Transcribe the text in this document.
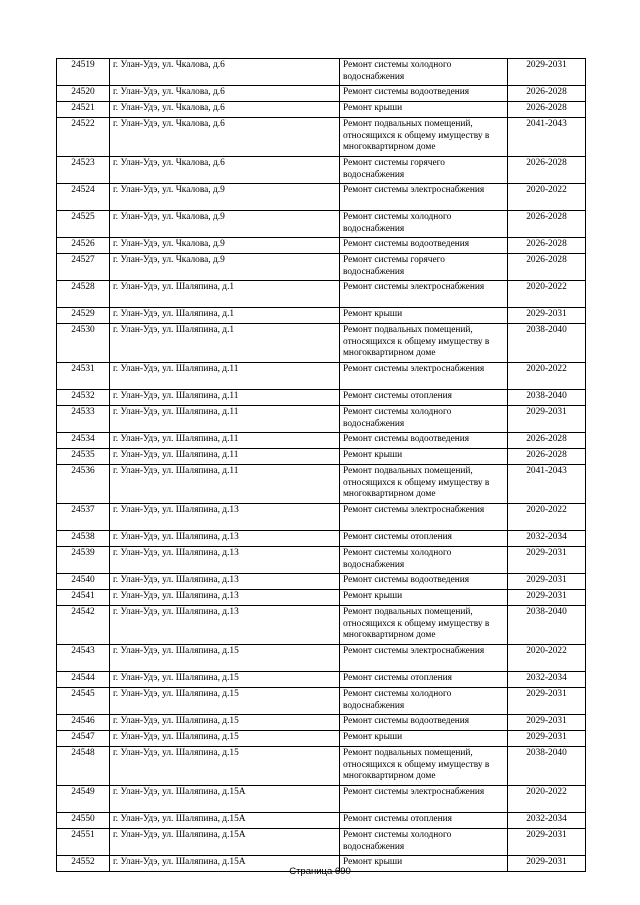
24519	г. Улан-Удэ, ул. Чкалова, д.6	Ремонт системы холодного водоснабжения	2029-2031
24520	г. Улан-Удэ, ул. Чкалова, д.6	Ремонт системы водоотведения	2026-2028
24521	г. Улан-Удэ, ул. Чкалова, д.6	Ремонт крыши	2026-2028
24522	г. Улан-Удэ, ул. Чкалова, д.6	Ремонт подвальных помещений, относящихся к общему имуществу в многоквартирном доме	2041-2043
24523	г. Улан-Удэ, ул. Чкалова, д.6	Ремонт системы горячего водоснабжения	2026-2028
24524	г. Улан-Удэ, ул. Чкалова, д.9	Ремонт системы электроснабжения	2020-2022
24525	г. Улан-Удэ, ул. Чкалова, д.9	Ремонт системы холодного водоснабжения	2026-2028
24526	г. Улан-Удэ, ул. Чкалова, д.9	Ремонт системы водоотведения	2026-2028
24527	г. Улан-Удэ, ул. Чкалова, д.9	Ремонт системы горячего водоснабжения	2026-2028
24528	г. Улан-Удэ, ул. Шаляпина, д.1	Ремонт системы электроснабжения	2020-2022
24529	г. Улан-Удэ, ул. Шаляпина, д.1	Ремонт крыши	2029-2031
24530	г. Улан-Удэ, ул. Шаляпина, д.1	Ремонт подвальных помещений, относящихся к общему имуществу в многоквартирном доме	2038-2040
24531	г. Улан-Удэ, ул. Шаляпина, д.11	Ремонт системы электроснабжения	2020-2022
24532	г. Улан-Удэ, ул. Шаляпина, д.11	Ремонт системы отопления	2038-2040
24533	г. Улан-Удэ, ул. Шаляпина, д.11	Ремонт системы холодного водоснабжения	2029-2031
24534	г. Улан-Удэ, ул. Шаляпина, д.11	Ремонт системы водоотведения	2026-2028
24535	г. Улан-Удэ, ул. Шаляпина, д.11	Ремонт крыши	2026-2028
24536	г. Улан-Удэ, ул. Шаляпина, д.11	Ремонт подвальных помещений, относящихся к общему имуществу в многоквартирном доме	2041-2043
24537	г. Улан-Удэ, ул. Шаляпина, д.13	Ремонт системы электроснабжения	2020-2022
24538	г. Улан-Удэ, ул. Шаляпина, д.13	Ремонт системы отопления	2032-2034
24539	г. Улан-Удэ, ул. Шаляпина, д.13	Ремонт системы холодного водоснабжения	2029-2031
24540	г. Улан-Удэ, ул. Шаляпина, д.13	Ремонт системы водоотведения	2029-2031
24541	г. Улан-Удэ, ул. Шаляпина, д.13	Ремонт крыши	2029-2031
24542	г. Улан-Удэ, ул. Шаляпина, д.13	Ремонт подвальных помещений, относящихся к общему имуществу в многоквартирном доме	2038-2040
24543	г. Улан-Удэ, ул. Шаляпина, д.15	Ремонт системы электроснабжения	2020-2022
24544	г. Улан-Удэ, ул. Шаляпина, д.15	Ремонт системы отопления	2032-2034
24545	г. Улан-Удэ, ул. Шаляпина, д.15	Ремонт системы холодного водоснабжения	2029-2031
24546	г. Улан-Удэ, ул. Шаляпина, д.15	Ремонт системы водоотведения	2029-2031
24547	г. Улан-Удэ, ул. Шаляпина, д.15	Ремонт крыши	2029-2031
24548	г. Улан-Удэ, ул. Шаляпина, д.15	Ремонт подвальных помещений, относящихся к общему имуществу в многоквартирном доме	2038-2040
24549	г. Улан-Удэ, ул. Шаляпина, д.15А	Ремонт системы электроснабжения	2020-2022
24550	г. Улан-Удэ, ул. Шаляпина, д.15А	Ремонт системы отопления	2032-2034
24551	г. Улан-Удэ, ул. Шаляпина, д.15А	Ремонт системы холодного водоснабжения	2029-2031
24552	г. Улан-Удэ, ул. Шаляпина, д.15А	Ремонт крыши	2029-2031
Страница 690
